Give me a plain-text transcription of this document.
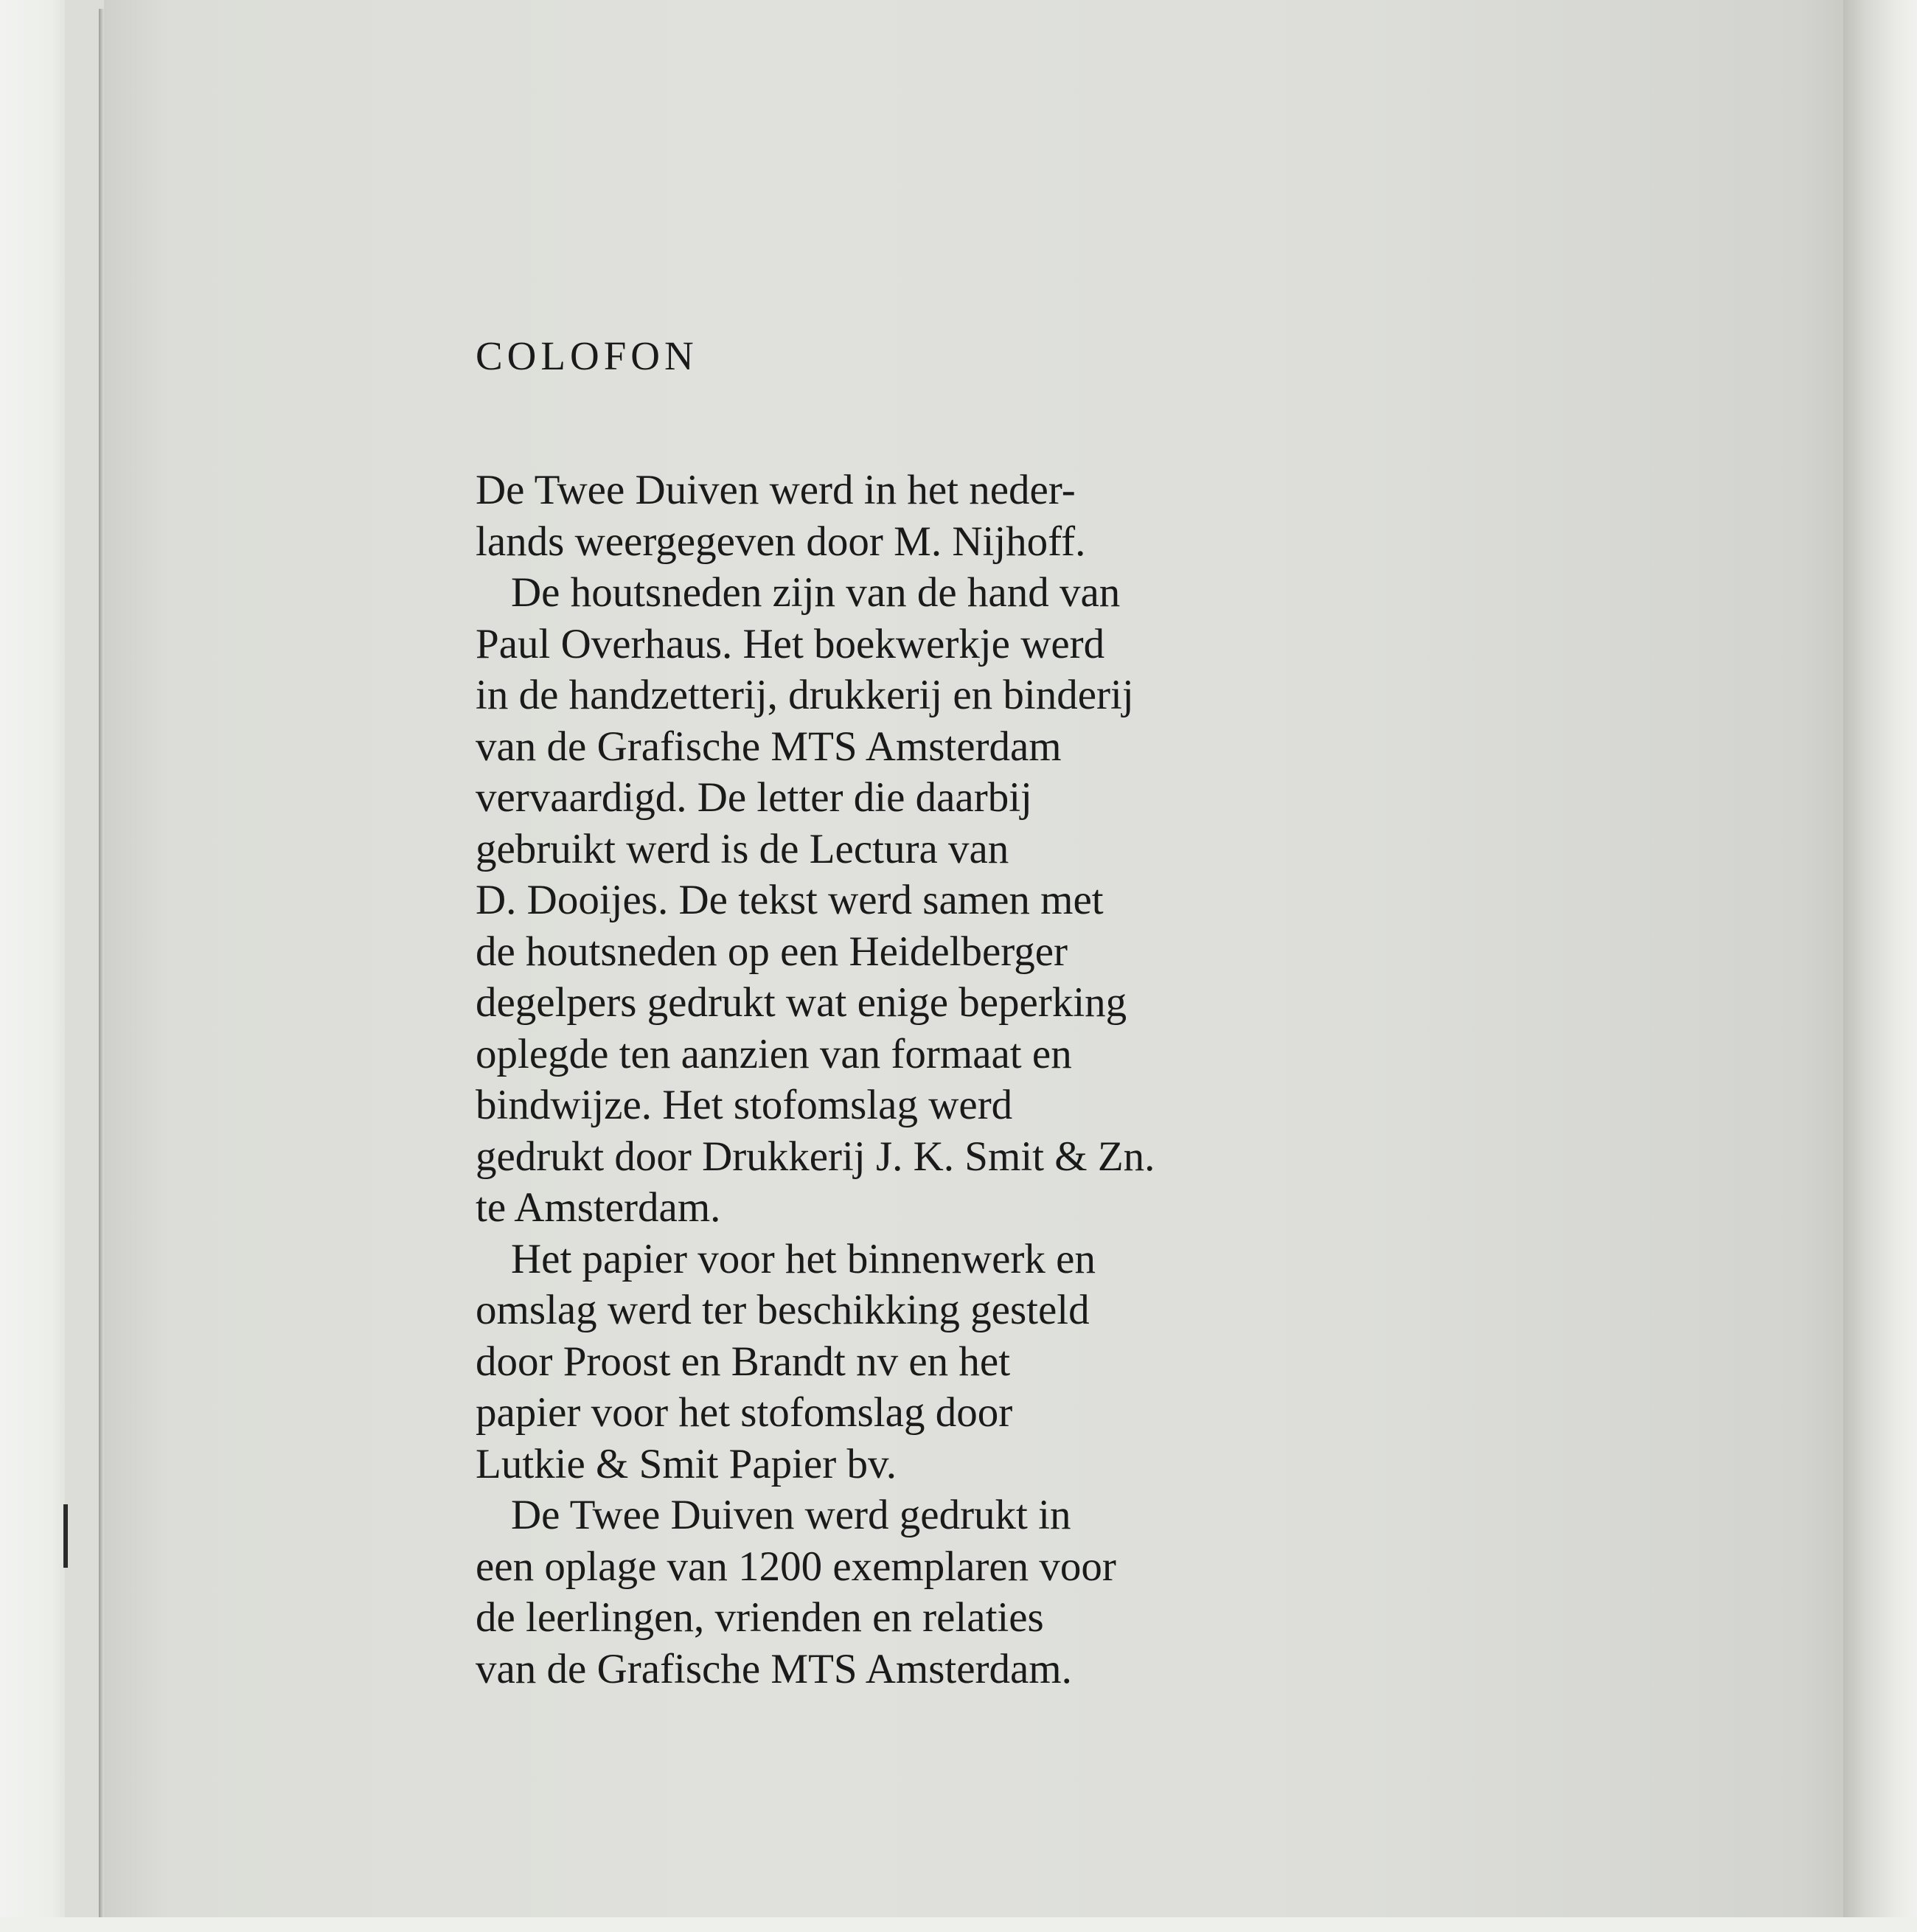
COLOFON
De Twee Duiven werd in het neder-
lands weergegeven door M. Nijhoff.
De houtsneden zijn van de hand van
Paul Overhaus. Het boekwerkje werd
in de handzetterij, drukkerij en binderij
van de Grafische MTS Amsterdam
vervaardigd. De letter die daarbij
gebruikt werd is de Lectura van
D. Dooijes. De tekst werd samen met
de houtsneden op een Heidelberger
degelpers gedrukt wat enige beperking
oplegde ten aanzien van formaat en
bindwijze. Het stofomslag werd
gedrukt door Drukkerij J. K. Smit & Zn.
te Amsterdam.
Het papier voor het binnenwerk en
omslag werd ter beschikking gesteld
door Proost en Brandt nv en het
papier voor het stofomslag door
Lutkie & Smit Papier bv.
De Twee Duiven werd gedrukt in
een oplage van 1200 exemplaren voor
de leerlingen, vrienden en relaties
van de Grafische MTS Amsterdam.
